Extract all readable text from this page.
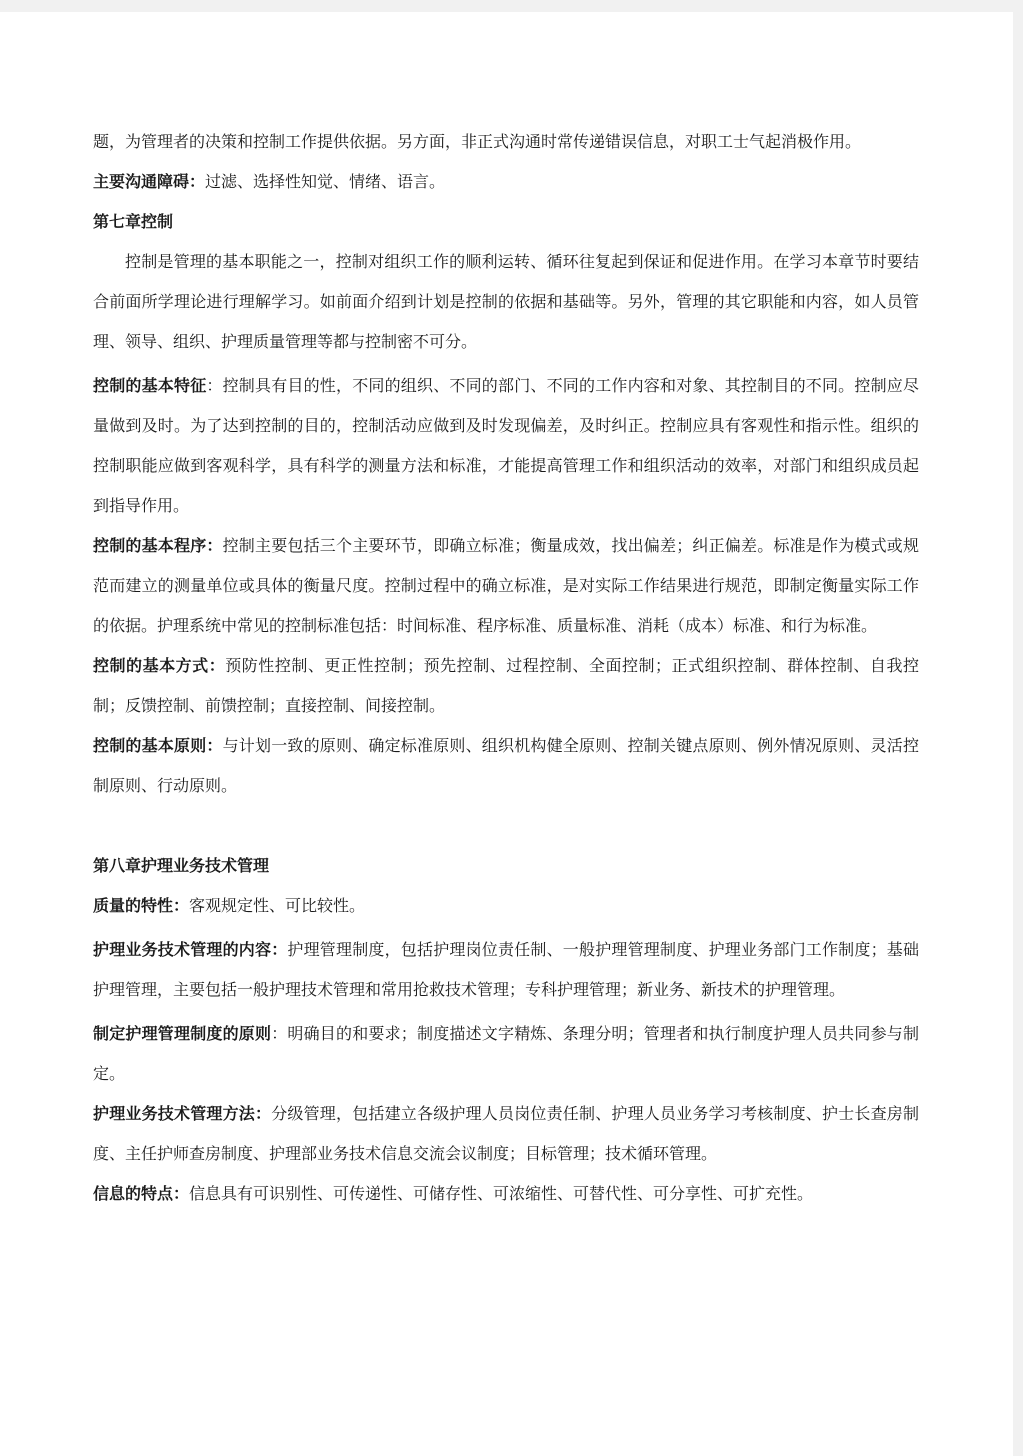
题，为管理者的决策和控制工作提供依据。另方面，非正式沟通时常传递错误信息，对职工士气起消极作用。

主要沟通障碍：过滤、选择性知觉、情绪、语言。

第七章控制

控制是管理的基本职能之一，控制对组织工作的顺利运转、循环往复起到保证和促进作用。在学习本章节时要结合前面所学理论进行理解学习。如前面介绍到计划是控制的依据和基础等。另外，管理的其它职能和内容，如人员管理、领导、组织、护理质量管理等都与控制密不可分。

控制的基本特征：控制具有目的性，不同的组织、不同的部门、不同的工作内容和对象、其控制目的不同。控制应尽量做到及时。为了达到控制的目的，控制活动应做到及时发现偏差，及时纠正。控制应具有客观性和指示性。组织的控制职能应做到客观科学，具有科学的测量方法和标准，才能提高管理工作和组织活动的效率，对部门和组织成员起到指导作用。

控制的基本程序：控制主要包括三个主要环节，即确立标准；衡量成效，找出偏差；纠正偏差。标准是作为模式或规范而建立的测量单位或具体的衡量尺度。控制过程中的确立标准，是对实际工作结果进行规范，即制定衡量实际工作的依据。护理系统中常见的控制标准包括：时间标准、程序标准、质量标准、消耗（成本）标准、和行为标准。

控制的基本方式：预防性控制、更正性控制；预先控制、过程控制、全面控制；正式组织控制、群体控制、自我控制；反馈控制、前馈控制；直接控制、间接控制。

控制的基本原则：与计划一致的原则、确定标准原则、组织机构健全原则、控制关键点原则、例外情况原则、灵活控制原则、行动原则。

第八章护理业务技术管理

质量的特性：客观规定性、可比较性。

护理业务技术管理的内容：护理管理制度，包括护理岗位责任制、一般护理管理制度、护理业务部门工作制度；基础护理管理，主要包括一般护理技术管理和常用抢救技术管理；专科护理管理；新业务、新技术的护理管理。

制定护理管理制度的原则：明确目的和要求；制度描述文字精炼、条理分明；管理者和执行制度护理人员共同参与制定。

护理业务技术管理方法：分级管理，包括建立各级护理人员岗位责任制、护理人员业务学习考核制度、护士长查房制度、主任护师查房制度、护理部业务技术信息交流会议制度；目标管理；技术循环管理。

信息的特点：信息具有可识别性、可传递性、可储存性、可浓缩性、可替代性、可分享性、可扩充性。
